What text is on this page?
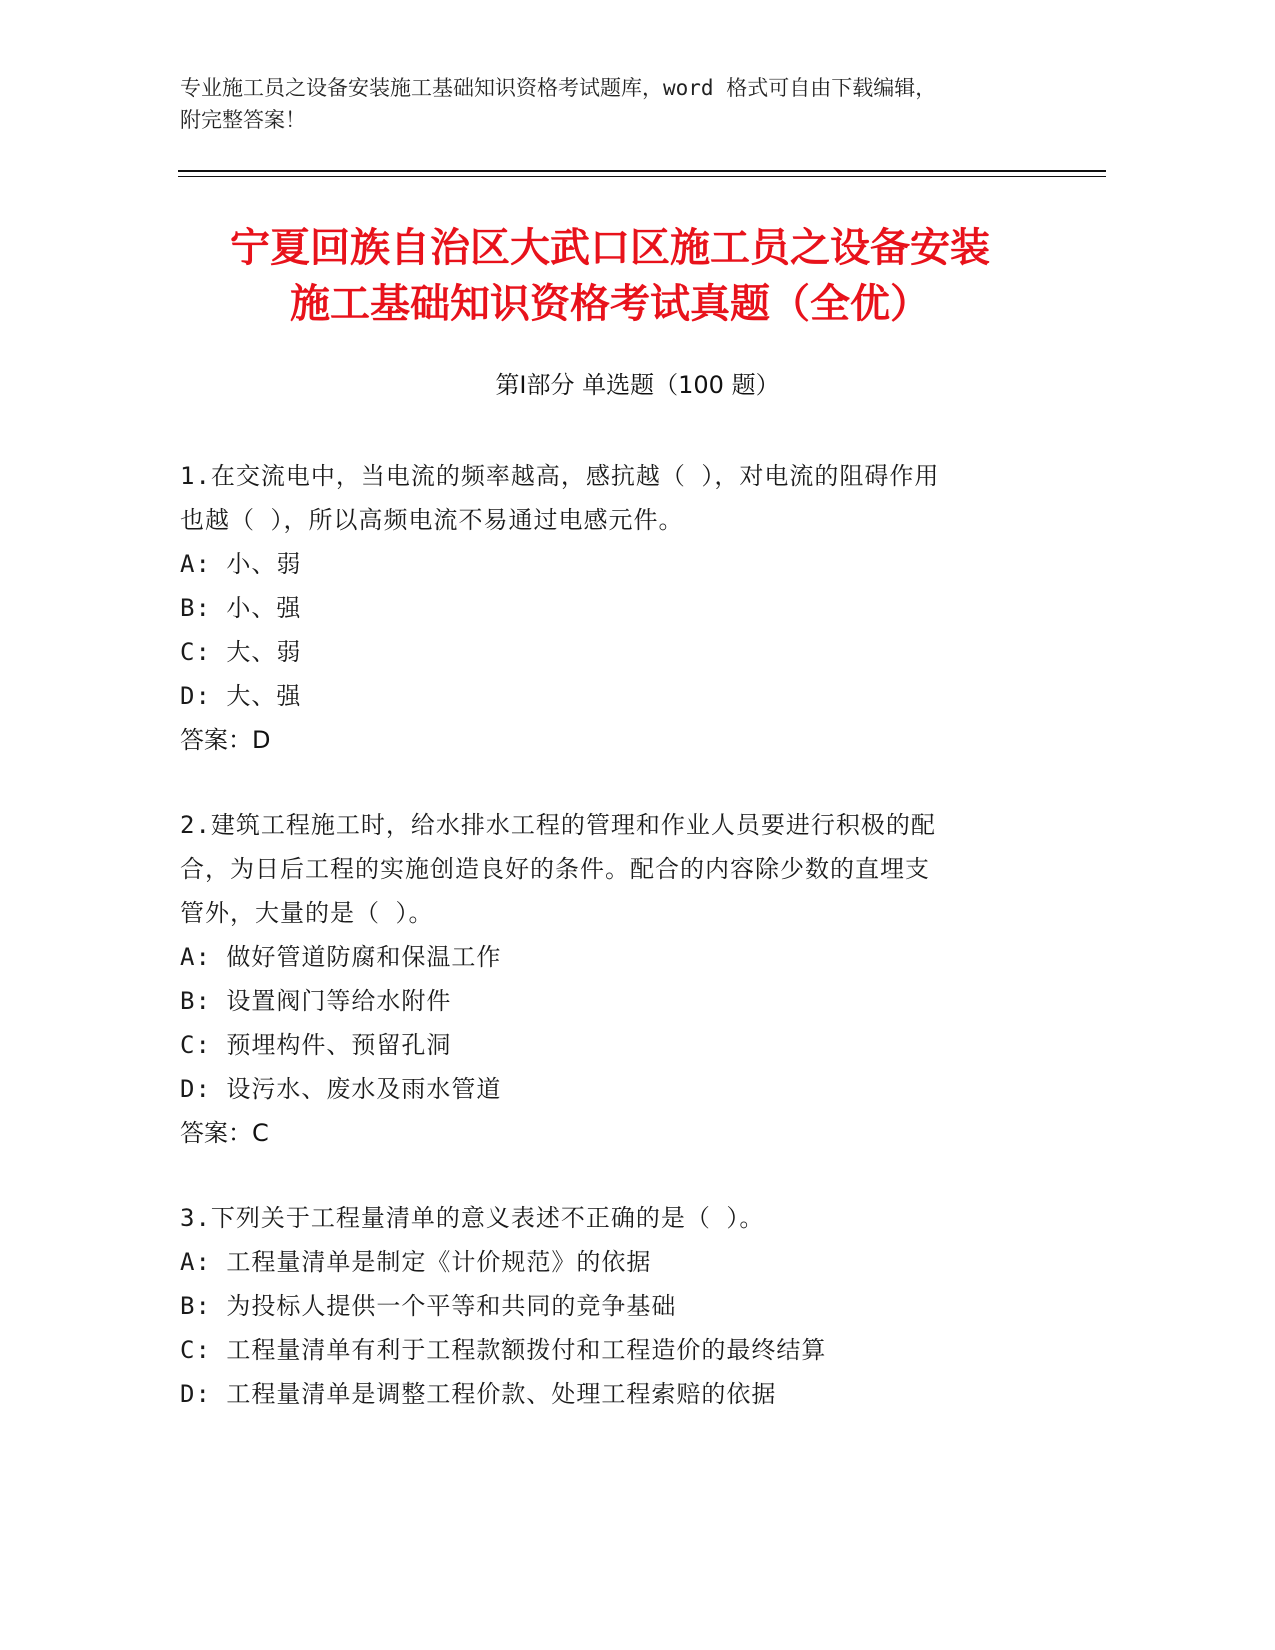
专业施工员之设备安装施工基础知识资格考试题库，word 格式可自由下载编辑，
附完整答案！
宁夏回族自治区大武口区施工员之设备安装
施工基础知识资格考试真题（全优）
第Ⅰ部分 单选题（100 题）
1.在交流电中，当电流的频率越高，感抗越（ ），对电流的阻碍作用
也越（ ），所以高频电流不易通过电感元件。
A: 小、弱
B: 小、强
C: 大、弱
D: 大、强
答案：D
2.建筑工程施工时，给水排水工程的管理和作业人员要进行积极的配
合，为日后工程的实施创造良好的条件。配合的内容除少数的直埋支
管外，大量的是（ ）。
A: 做好管道防腐和保温工作
B: 设置阀门等给水附件
C: 预埋构件、预留孔洞
D: 设污水、废水及雨水管道
答案：C
3.下列关于工程量清单的意义表述不正确的是（ ）。
A: 工程量清单是制定《计价规范》的依据
B: 为投标人提供一个平等和共同的竞争基础
C: 工程量清单有利于工程款额拨付和工程造价的最终结算
D: 工程量清单是调整工程价款、处理工程索赔的依据
